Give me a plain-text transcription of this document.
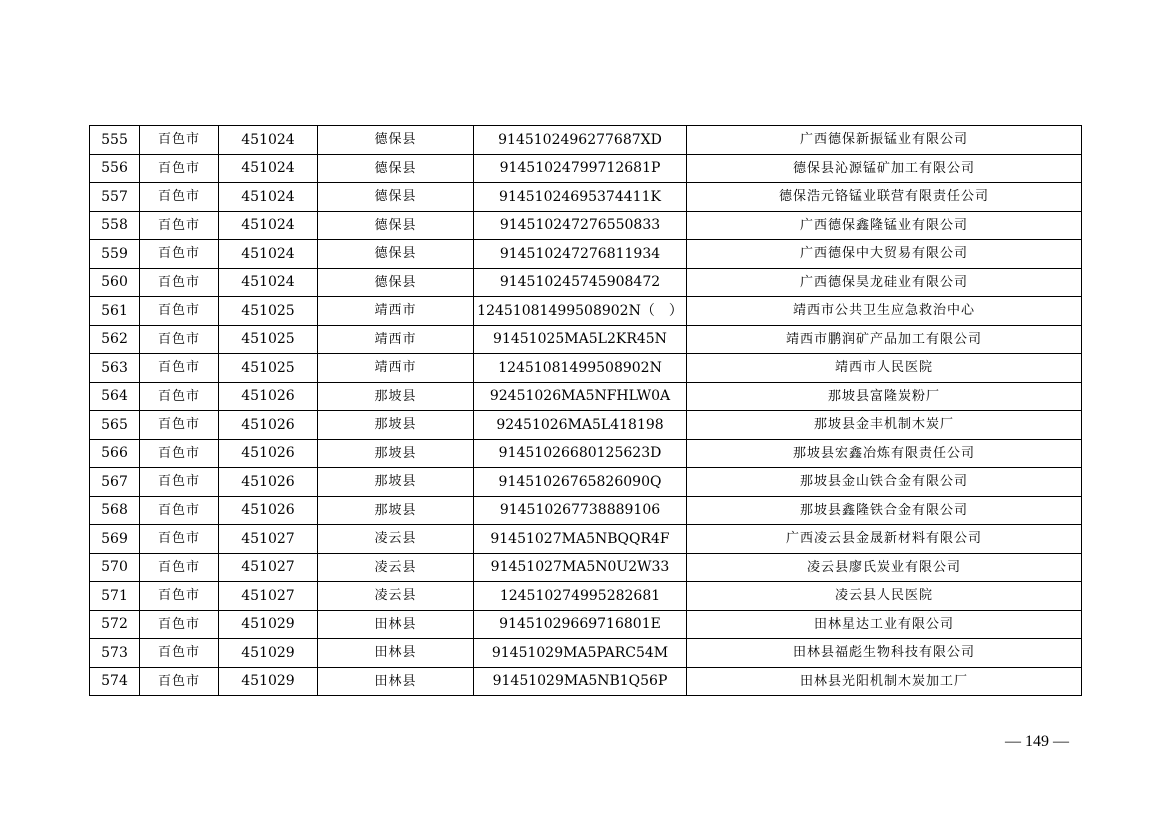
555	百色市	451024	德保县	9145102496277687XD	广西德保新振锰业有限公司
556	百色市	451024	德保县	91451024799712681P	德保县沁源锰矿加工有限公司
557	百色市	451024	德保县	91451024695374411K	德保浩元铬锰业联营有限责任公司
558	百色市	451024	德保县	914510247276550833	广西德保鑫隆锰业有限公司
559	百色市	451024	德保县	914510247276811934	广西德保中大贸易有限公司
560	百色市	451024	德保县	914510245745908472	广西德保昊龙硅业有限公司
561	百色市	451025	靖西市	12451081499508902N（　）	靖西市公共卫生应急救治中心
562	百色市	451025	靖西市	91451025MA5L2KR45N	靖西市鹏润矿产品加工有限公司
563	百色市	451025	靖西市	12451081499508902N	靖西市人民医院
564	百色市	451026	那坡县	92451026MA5NFHLW0A	那坡县富隆炭粉厂
565	百色市	451026	那坡县	92451026MA5L418198	那坡县金丰机制木炭厂
566	百色市	451026	那坡县	91451026680125623D	那坡县宏鑫冶炼有限责任公司
567	百色市	451026	那坡县	91451026765826090Q	那坡县金山铁合金有限公司
568	百色市	451026	那坡县	914510267738889106	那坡县鑫隆铁合金有限公司
569	百色市	451027	凌云县	91451027MA5NBQQR4F	广西凌云县金晟新材料有限公司
570	百色市	451027	凌云县	91451027MA5N0U2W33	凌云县廖氏炭业有限公司
571	百色市	451027	凌云县	124510274995282681	凌云县人民医院
572	百色市	451029	田林县	91451029669716801E	田林星达工业有限公司
573	百色市	451029	田林县	91451029MA5PARC54M	田林县福彪生物科技有限公司
574	百色市	451029	田林县	91451029MA5NB1Q56P	田林县光阳机制木炭加工厂
— 149 —
